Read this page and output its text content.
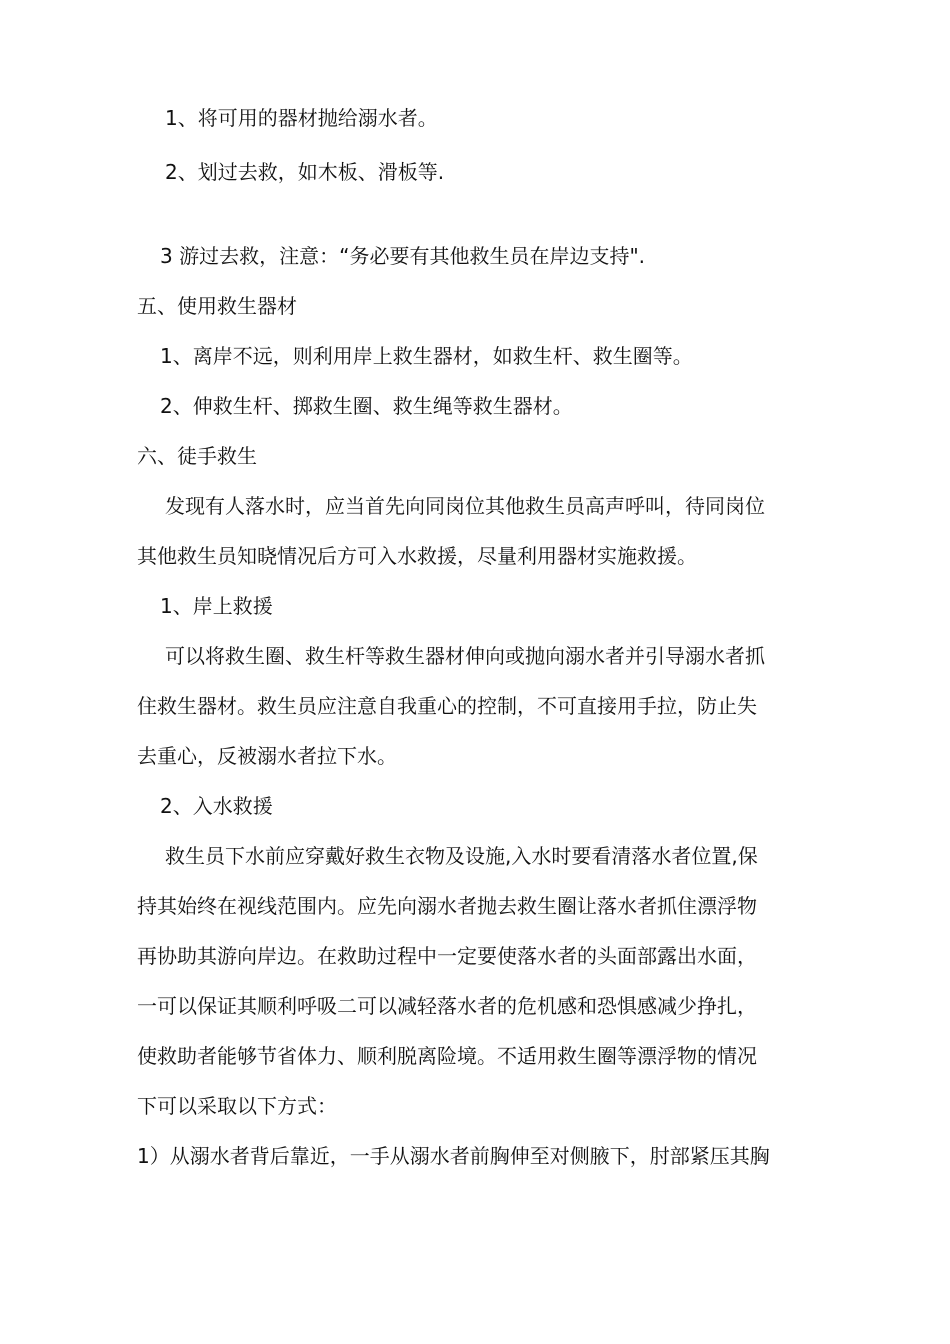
1、将可用的器材抛给溺水者。
2、划过去救，如木板、滑板等.
3 游过去救，注意：“务必要有其他救生员在岸边支持".
五、使用救生器材
1、离岸不远，则利用岸上救生器材，如救生杆、救生圈等。
2、伸救生杆、掷救生圈、救生绳等救生器材。
六、徒手救生
发现有人落水时，应当首先向同岗位其他救生员高声呼叫，待同岗位
其他救生员知晓情况后方可入水救援，尽量利用器材实施救援。
1、岸上救援
可以将救生圈、救生杆等救生器材伸向或抛向溺水者并引导溺水者抓
住救生器材。救生员应注意自我重心的控制，不可直接用手拉，防止失
去重心，反被溺水者拉下水。
2、入水救援
救生员下水前应穿戴好救生衣物及设施,入水时要看清落水者位置,保
持其始终在视线范围内。应先向溺水者抛去救生圈让落水者抓住漂浮物
再协助其游向岸边。在救助过程中一定要使落水者的头面部露出水面，
一可以保证其顺利呼吸二可以减轻落水者的危机感和恐惧感减少挣扎，
使救助者能够节省体力、顺利脱离险境。不适用救生圈等漂浮物的情况
下可以采取以下方式：
1）从溺水者背后靠近，一手从溺水者前胸伸至对侧腋下，肘部紧压其胸
